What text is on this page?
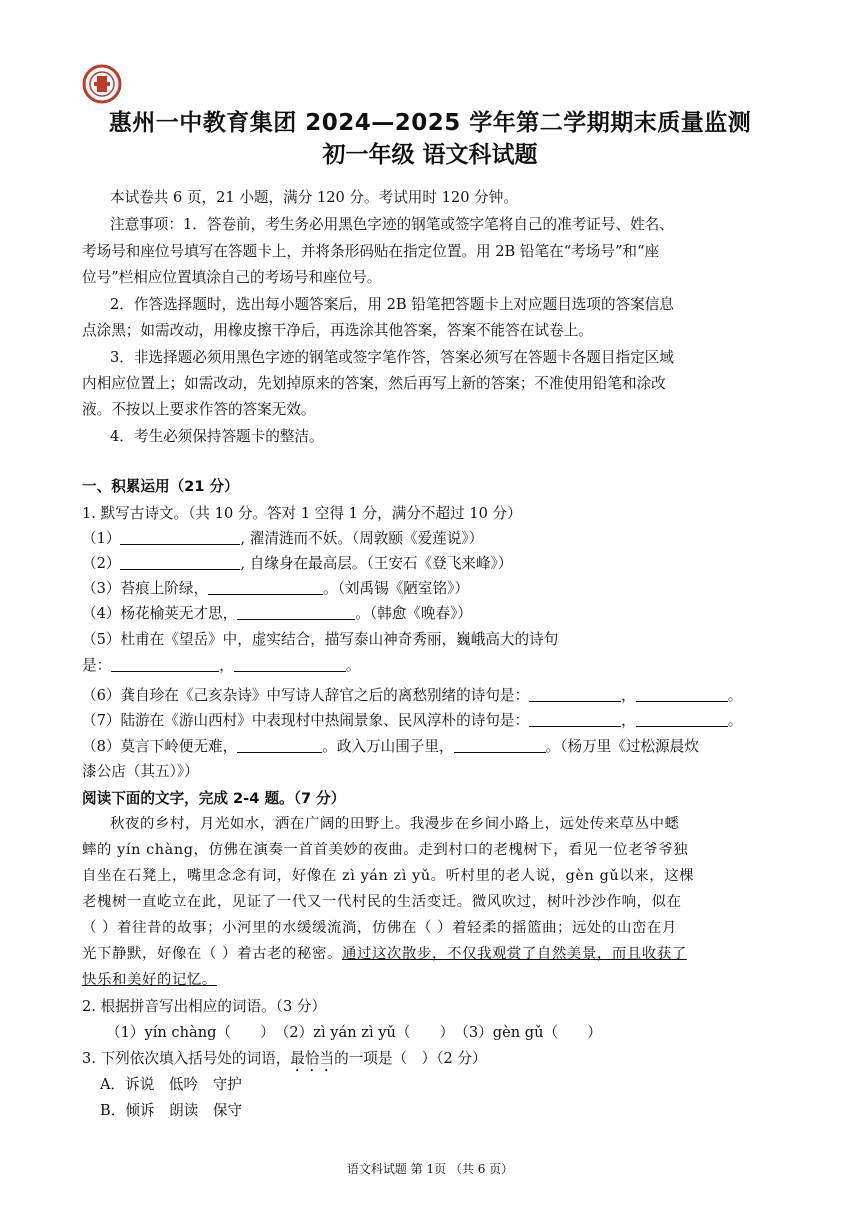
惠州一中教育集团 2024—2025 学年第二学期期末质量监测
初一年级 语文科试题
本试卷共 6 页，21 小题，满分 120 分。考试用时 120 分钟。
注意事项：1．答卷前，考生务必用黑色字迹的钢笔或签字笔将自己的准考证号、姓名、
考场号和座位号填写在答题卡上，并将条形码贴在指定位置。用 2B 铅笔在“考场号”和“座
位号”栏相应位置填涂自己的考场号和座位号。
2．作答选择题时，选出每小题答案后，用 2B 铅笔把答题卡上对应题目选项的答案信息
点涂黑；如需改动，用橡皮擦干净后，再选涂其他答案，答案不能答在试卷上。
3．非选择题必须用黑色字迹的钢笔或签字笔作答，答案必须写在答题卡各题目指定区域
内相应位置上；如需改动，先划掉原来的答案，然后再写上新的答案；不准使用铅笔和涂改
液。不按以上要求作答的答案无效。
4．考生必须保持答题卡的整洁。
一、积累运用（21 分）
1. 默写古诗文。（共 10 分。答对 1 空得 1 分，满分不超过 10 分）
（1）	, 濯清涟而不妖。（周敦颐《爱莲说》）
（2）	, 自缘身在最高层。（王安石《登飞来峰》）
（3）苔痕上阶绿，	。（刘禹锡《陋室铭》）
（4）杨花榆荚无才思，	。（韩愈《晚春》）
（5）杜甫在《望岳》中，虚实结合，描写泰山神奇秀丽，巍峨高大的诗句
是：	，	。
（6）龚自珍在《己亥杂诗》中写诗人辞官之后的离愁别绪的诗句是：	，	。
（7）陆游在《游山西村》中表现村中热闹景象、民风淳朴的诗句是：	，	。
（8）莫言下岭便无难，	。政入万山围子里，	。（杨万里《过松源晨炊
漆公店（其五）》）
阅读下面的文字，完成 2-4 题。（7 分）
秋夜的乡村，月光如水，洒在广阔的田野上。我漫步在乡间小路上，远处传来草丛中蟋
蟀的 yín chàng，仿佛在演奏一首首美妙的夜曲。走到村口的老槐树下，看见一位老爷爷独
自坐在石凳上，嘴里念念有词，好像在 zì yán zì yǔ。听村里的老人说，gèn gǔ以来，这棵
老槐树一直屹立在此，见证了一代又一代村民的生活变迁。微风吹过，树叶沙沙作响，似在
（ ）着往昔的故事；小河里的水缓缓流淌，仿佛在（ ）着轻柔的摇篮曲；远处的山峦在月
光下静默，好像在（ ）着古老的秘密。通过这次散步，不仅我观赏了自然美景，而且收获了
快乐和美好的记忆。
2. 根据拼音写出相应的词语。（3 分）
（1）yín chàng（　　）　（2）zì yán zì yǔ（　　）　（3）gèn gǔ（　　）
3. 下列依次填入括号处的词语，最恰当的一项是（　）（2 分）
A．诉说　低吟　守护
B．倾诉　朗读　保守
语文科试题 第 1页 （共 6 页）
